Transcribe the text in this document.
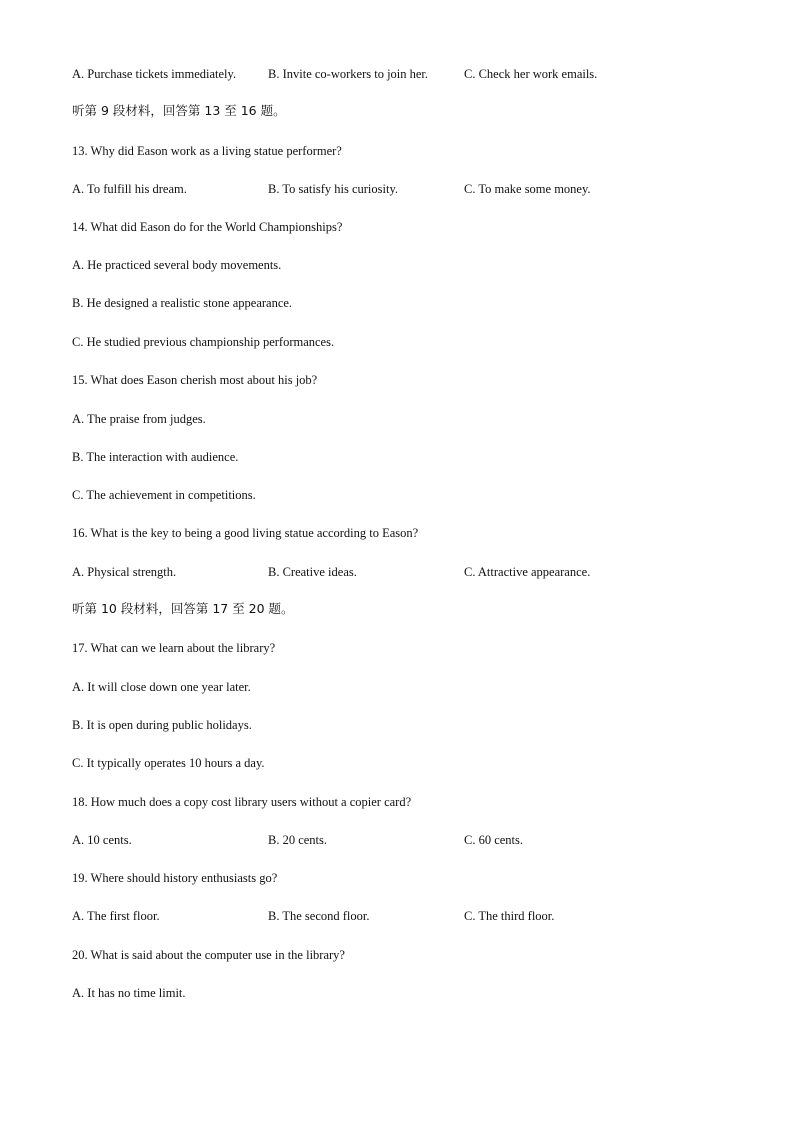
A. Purchase tickets immediately.	B. Invite co-workers to join her.	C. Check her work emails.
听第 9 段材料，回答第 13 至 16 题。
13. Why did Eason work as a living statue performer?
A. To fulfill his dream.	B. To satisfy his curiosity.	C. To make some money.
14. What did Eason do for the World Championships?
A. He practiced several body movements.
B. He designed a realistic stone appearance.
C. He studied previous championship performances.
15. What does Eason cherish most about his job?
A. The praise from judges.
B. The interaction with audience.
C. The achievement in competitions.
16. What is the key to being a good living statue according to Eason?
A. Physical strength.	B. Creative ideas.	C. Attractive appearance.
听第 10 段材料，回答第 17 至 20 题。
17. What can we learn about the library?
A. It will close down one year later.
B. It is open during public holidays.
C. It typically operates 10 hours a day.
18. How much does a copy cost library users without a copier card?
A. 10 cents.	B. 20 cents.	C. 60 cents.
19. Where should history enthusiasts go?
A. The first floor.	B. The second floor.	C. The third floor.
20. What is said about the computer use in the library?
A. It has no time limit.
